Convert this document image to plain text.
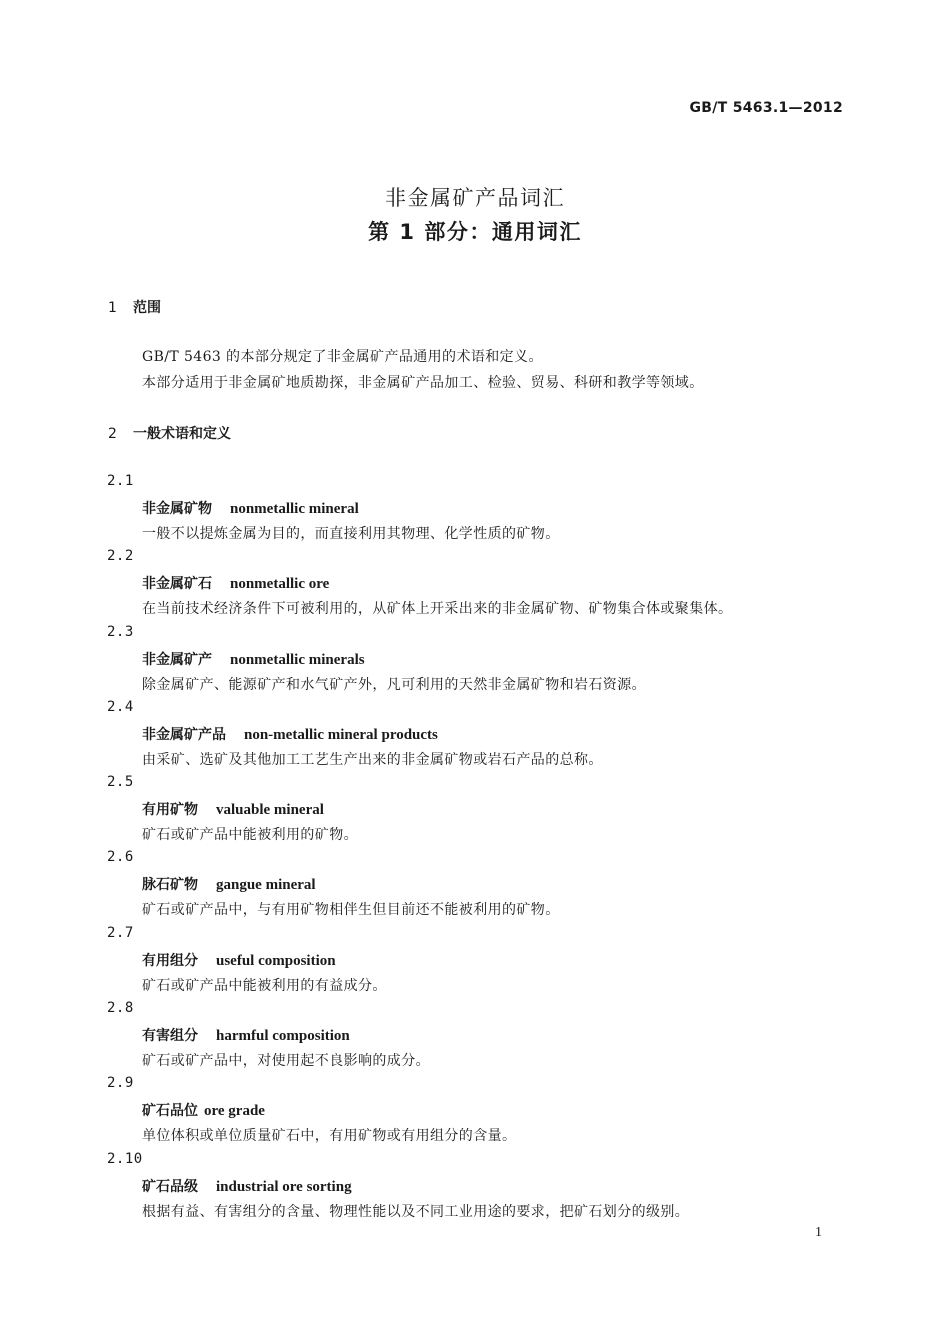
GB/T 5463.1—2012
非金属矿产品词汇
第 1 部分：通用词汇
1 范围
GB/T 5463 的本部分规定了非金属矿产品通用的术语和定义。
本部分适用于非金属矿地质勘探，非金属矿产品加工、检验、贸易、科研和教学等领域。
2 一般术语和定义
2.1
非金属矿物 nonmetallic mineral
一般不以提炼金属为目的，而直接利用其物理、化学性质的矿物。
2.2
非金属矿石 nonmetallic ore
在当前技术经济条件下可被利用的，从矿体上开采出来的非金属矿物、矿物集合体或聚集体。
2.3
非金属矿产 nonmetallic minerals
除金属矿产、能源矿产和水气矿产外，凡可利用的天然非金属矿物和岩石资源。
2.4
非金属矿产品 non-metallic mineral products
由采矿、选矿及其他加工工艺生产出来的非金属矿物或岩石产品的总称。
2.5
有用矿物 valuable mineral
矿石或矿产品中能被利用的矿物。
2.6
脉石矿物 gangue mineral
矿石或矿产品中，与有用矿物相伴生但目前还不能被利用的矿物。
2.7
有用组分 useful composition
矿石或矿产品中能被利用的有益成分。
2.8
有害组分 harmful composition
矿石或矿产品中，对使用起不良影响的成分。
2.9
矿石品位 ore grade
单位体积或单位质量矿石中，有用矿物或有用组分的含量。
2.10
矿石品级 industrial ore sorting
根据有益、有害组分的含量、物理性能以及不同工业用途的要求，把矿石划分的级别。
1
